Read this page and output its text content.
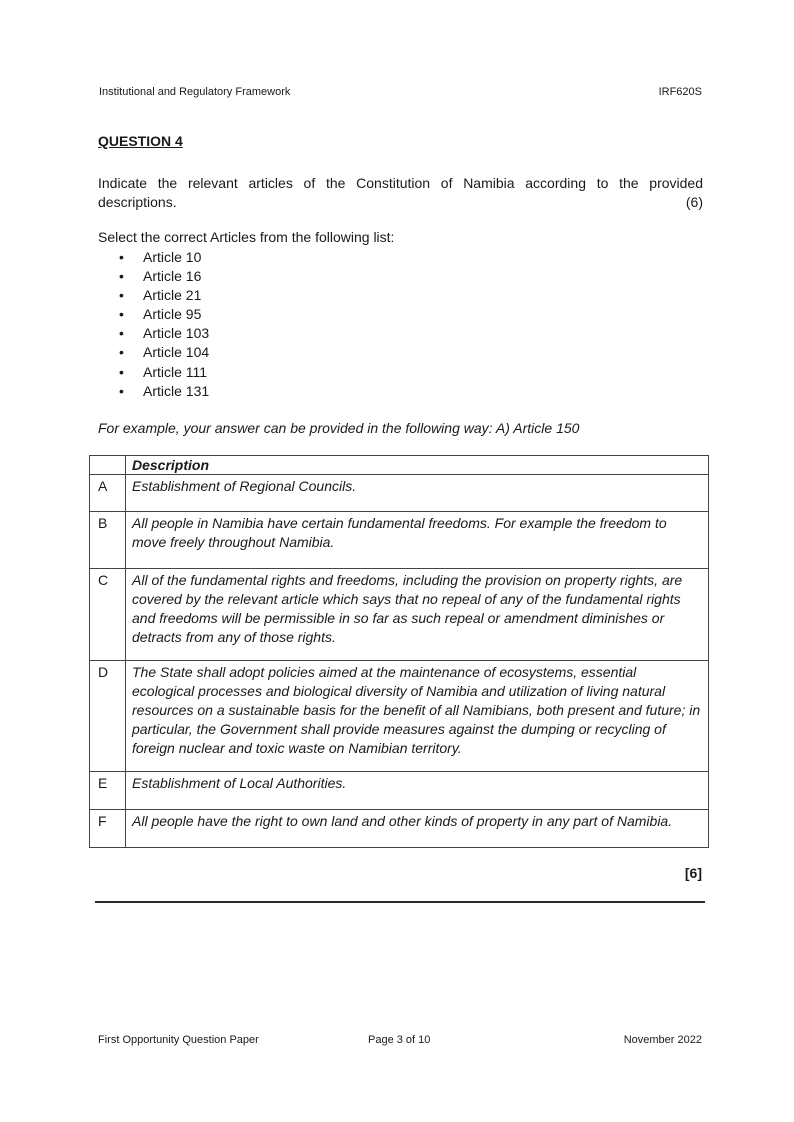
Institutional and Regulatory Framework	IRF620S
QUESTION 4
Indicate the relevant articles of the Constitution of Namibia according to the provided descriptions.	(6)
Select the correct Articles from the following list:
• Article 10
• Article 16
• Article 21
• Article 95
• Article 103
• Article 104
• Article 111
• Article 131
For example, your answer can be provided in the following way: A) Article 150
	Description
A	Establishment of Regional Councils.
B	All people in Namibia have certain fundamental freedoms. For example the freedom to move freely throughout Namibia.
C	All of the fundamental rights and freedoms, including the provision on property rights, are covered by the relevant article which says that no repeal of any of the fundamental rights and freedoms will be permissible in so far as such repeal or amendment diminishes or detracts from any of those rights.
D	The State shall adopt policies aimed at the maintenance of ecosystems, essential ecological processes and biological diversity of Namibia and utilization of living natural resources on a sustainable basis for the benefit of all Namibians, both present and future; in particular, the Government shall provide measures against the dumping or recycling of foreign nuclear and toxic waste on Namibian territory.
E	Establishment of Local Authorities.
F	All people have the right to own land and other kinds of property in any part of Namibia.
[6]
First Opportunity Question Paper	Page 3 of 10	November 2022
